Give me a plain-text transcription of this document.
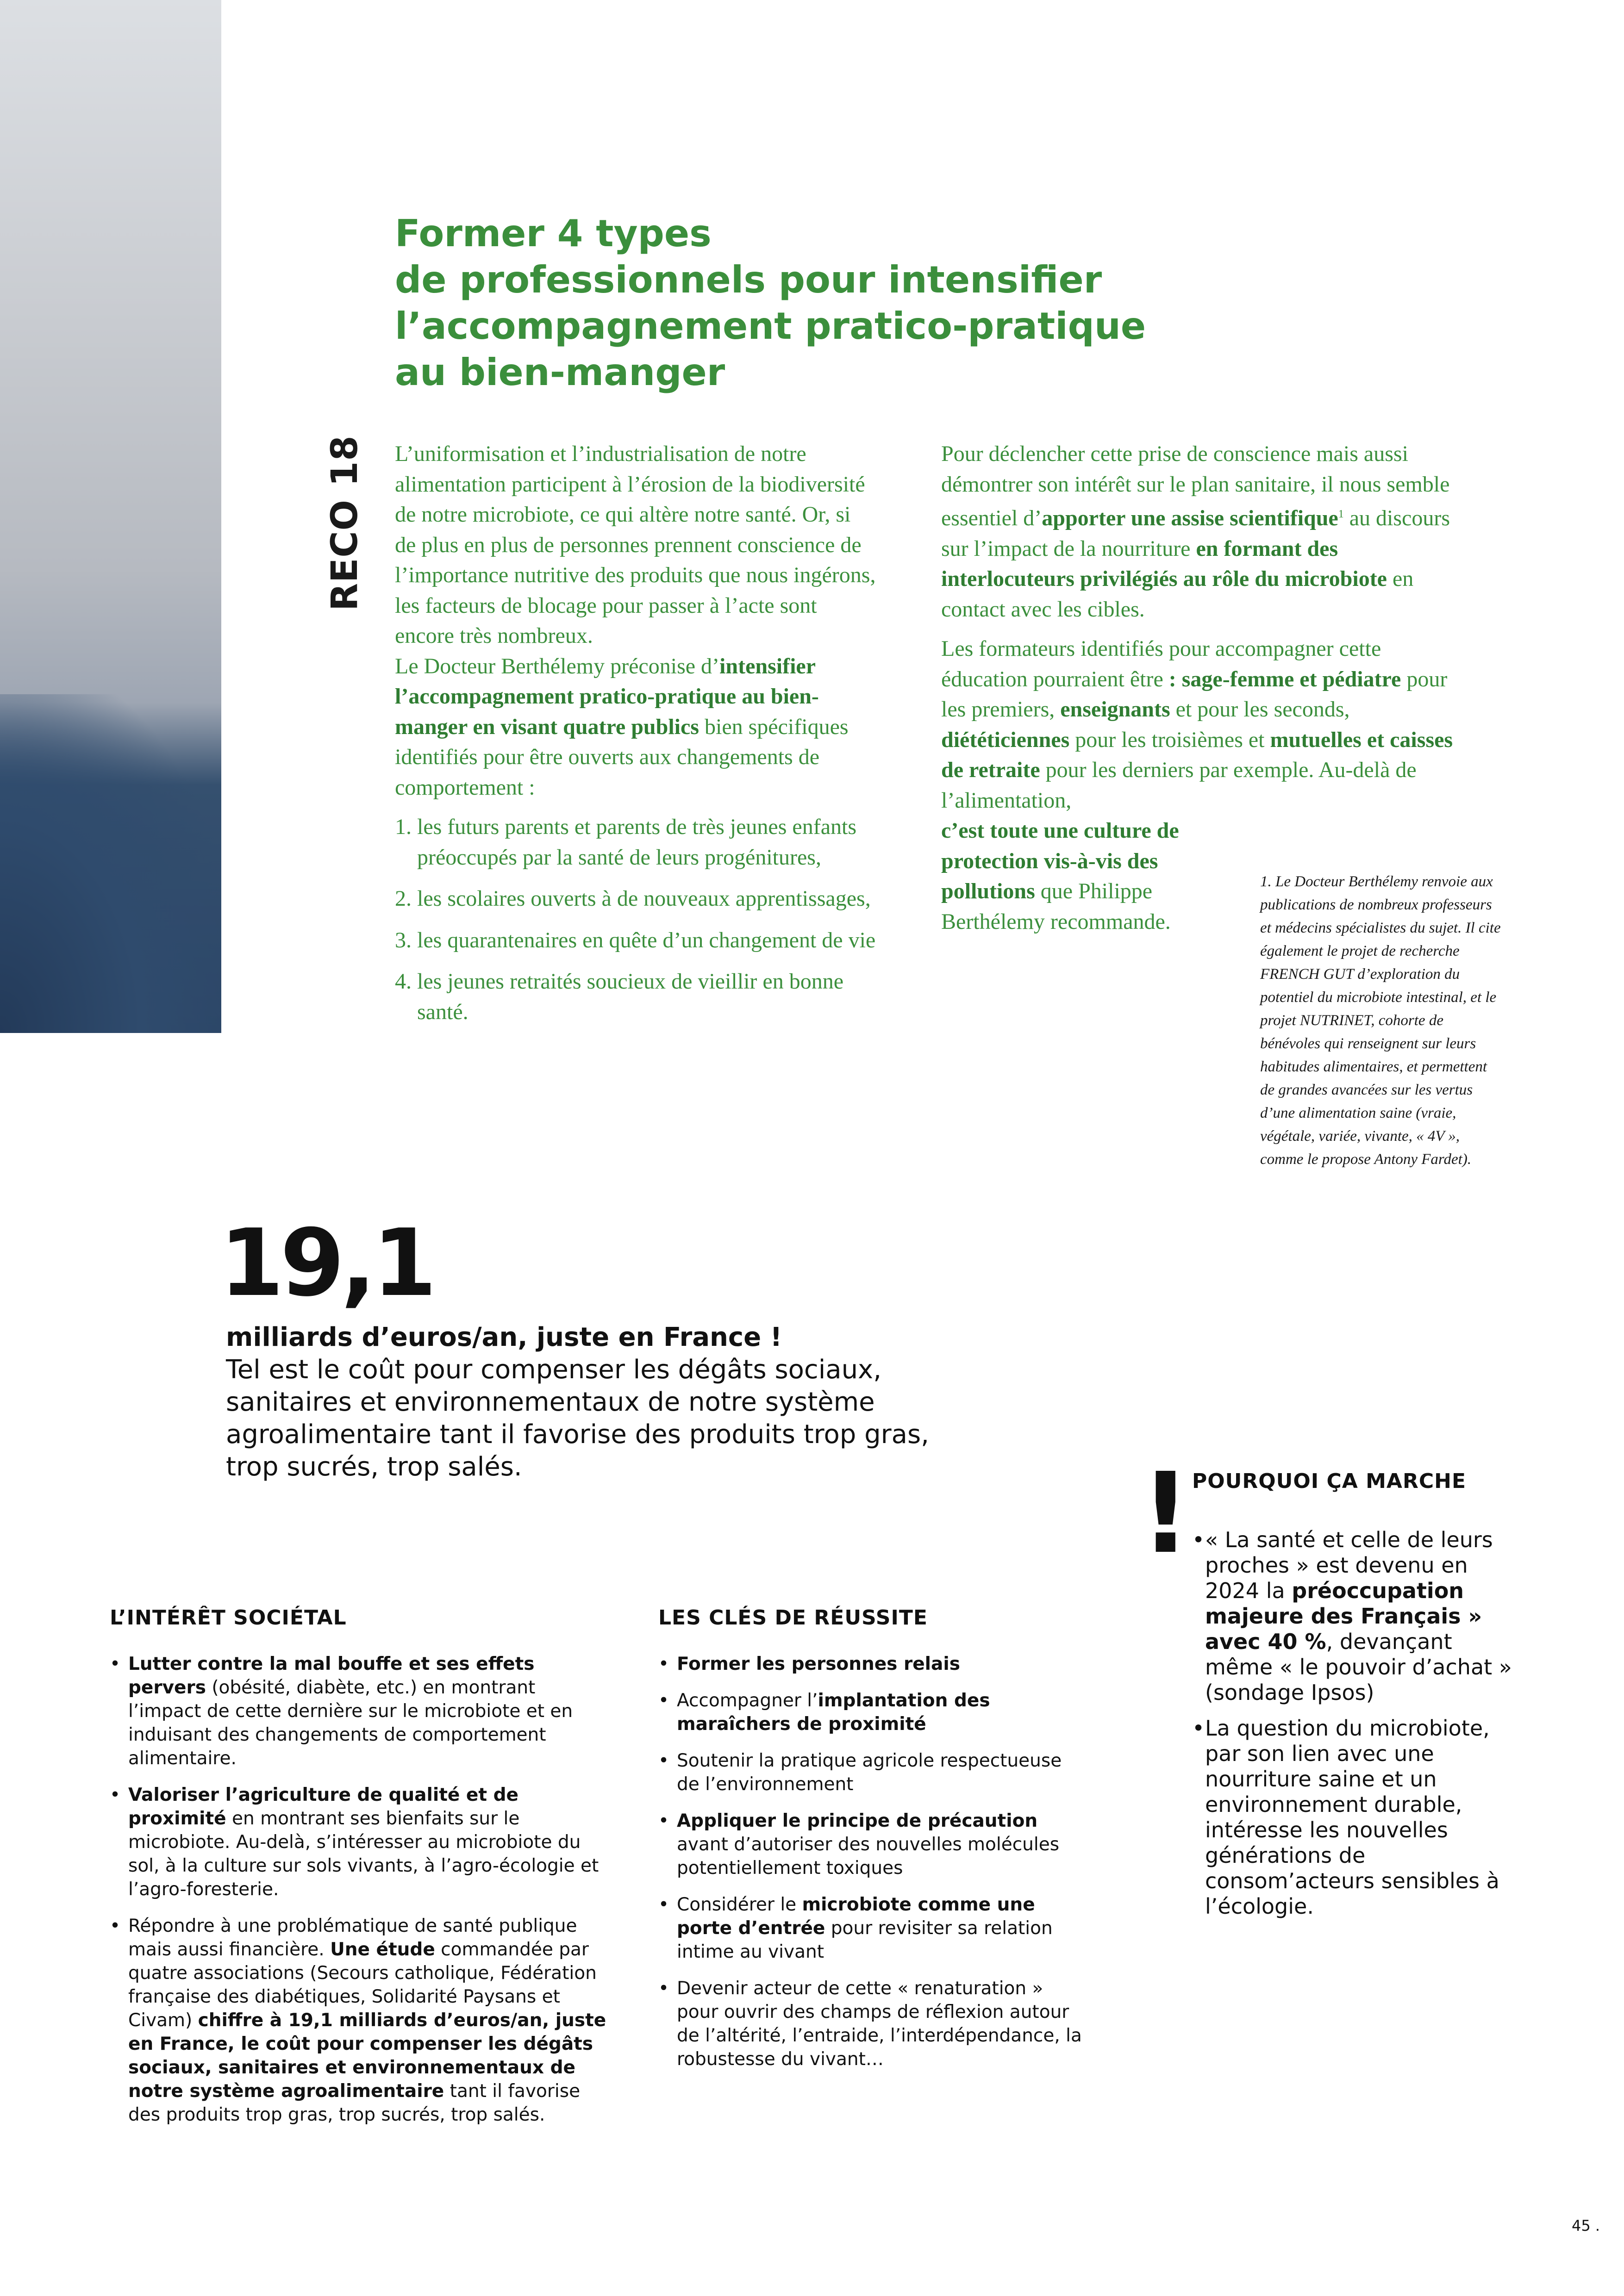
Former 4 types
de professionnels pour intensifier
l’accompagnement pratico-pratique
au bien-manger
RECO 18 L’uniformisation et l’industrialisation de notre alimentation participent à l’érosion de la biodiversité de notre microbiote, ce qui altère notre santé. Or, si de plus en plus de personnes prennent conscience de l’importance nutritive des produits que nous ingérons, les facteurs de blocage pour passer à l’acte sont encore très nombreux.

Le Docteur Berthélemy préconise d’intensifier l’accompagnement pratico-pratique au bien-manger en visant quatre publics bien spécifiques identifiés pour être ouverts aux changements de comportement :

1. les futurs parents et parents de très jeunes enfants préoccupés par la santé de leurs progénitures,
2. les scolaires ouverts à de nouveaux apprentissages,
3. les quarantenaires en quête d’un changement de vie
4. les jeunes retraités soucieux de vieillir en bonne santé.

Pour déclencher cette prise de conscience mais aussi démontrer son intérêt sur le plan sanitaire, il nous semble essentiel d’apporter une assise scientifique$^1$ au discours sur l’impact de la nourriture en formant des interlocuteurs privilégiés au rôle du microbiote en contact avec les cibles.

Les formateurs identifiés pour accompagner cette éducation pourraient être : sage-femme et pédiatre pour les premiers, enseignants et pour les seconds, diététiciennes pour les troisièmes et mutuelles et caisses de retraite pour les derniers par exemple. Au-delà de l’alimentation,

c’est toute une culture de protection vis-à-vis des pollutions que Philippe Berthélemy recommande.

1. Le Docteur Berthélemy renvoie aux publications de nombreux professeurs et médecins spécialistes du sujet. Il cite également le projet de recherche FRENCH GUT d’exploration du potentiel du microbiote intestinal, et le projet NUTRINET, cohorte de bénévoles qui renseignent sur leurs habitudes alimentaires, et permettent de grandes avancées sur les vertus d’une alimentation saine (vraie, végétale, variée, vivante, « 4V », comme le propose Antony Fardet).
19,1
milliards d’euros/an, juste en France !
Tel est le coût pour compenser les dégâts sociaux, sanitaires et environnementaux de notre système agroalimentaire tant il favorise des produits trop gras, trop sucrés, trop salés.
L’INTÉRÊT SOCIÉTAL
• Lutter contre la mal bouffe et ses effets pervers (obésité, diabète, etc.) en montrant l’impact de cette dernière sur le microbiote et en induisant des changements de comportement alimentaire.
• Valoriser l’agriculture de qualité et de proximité en montrant ses bienfaits sur le microbiote. Au-delà, s’intéresser au microbiote du sol, à la culture sur sols vivants, à l’agro-écologie et l’agro-foresterie.
• Répondre à une problématique de santé publique mais aussi financière. Une étude commandée par quatre associations (Secours catholique, Fédération française des diabétiques, Solidarité Paysans et Civam) chiffre à 19,1 milliards d’euros/an, juste en France, le coût pour compenser les dégâts sociaux, sanitaires et environnementaux de notre système agroalimentaire tant il favorise des produits trop gras, trop sucrés, trop salés.
LES CLÉS DE RÉUSSITE
• Former les personnes relais
• Accompagner l’implantation des maraîchers de proximité
• Soutenir la pratique agricole respectueuse de l’environnement
• Appliquer le principe de précaution avant d’autoriser des nouvelles molécules potentiellement toxiques
• Considérer le microbiote comme une porte d’entrée pour revisiter sa relation intime au vivant
• Devenir acteur de cette « renaturation » pour ouvrir des champs de réflexion autour de l’altérité, l’entraide, l’interdépendance, la robustesse du vivant…
! POURQUOI ÇA MARCHE
• « La santé et celle de leurs proches » est devenu en 2024 la préoccupation majeure des Français » avec 40 %, devançant même « le pouvoir d’achat » (sondage Ipsos)
• La question du microbiote, par son lien avec une nourriture saine et un environnement durable, intéresse les nouvelles générations de consom’acteurs sensibles à l’écologie.
45 .
